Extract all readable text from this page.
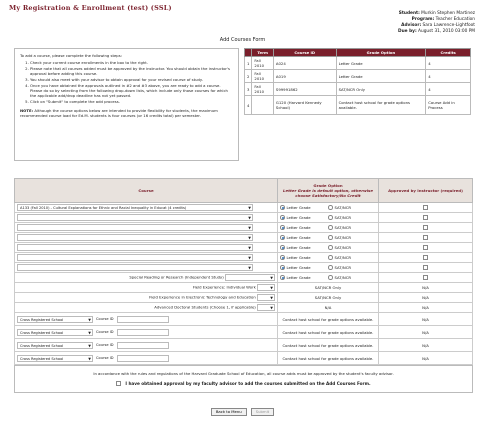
My Registration & Enrollment (test) (SSL)
Student: Murkin Stephen Martinez
Program: Teacher Education
Advisor: Sara Lawrence-Lightfoot
Due by: August 31, 2010 03:00 PM
Add Courses Form
To add a course, please complete the following steps:
1. Check your current course enrollments in the box to the right.
2. Please note that all courses added must be approved by the instructor. You should obtain the instructor's approval before adding this course.
3. You should also meet with your advisor to obtain approval for your revised course of study.
4. Once you have obtained the approvals outlined in #2 and #3 above, you are ready to add a course. Please do so by selecting from the following drop-down lists, which include only those courses for which the applicable add/drop deadline has not yet passed.
5. Click on "Submit" to complete the add process.
NOTE: Although the course options below are intended to provide flexibility for students, the maximum recommended course load for Ed.M. students is four courses (or 16 credits total) per semester.
	Term	Course ID	Grade Option	Credits
1	Fall 2010	A024	Letter Grade	4
2	Fall 2010	A019	Letter Grade	4
3	Fall 2010	S99991862	SAT/NCR Only	4
4		G120 (Harvard Kennedy School)	Contact host school for grade options available.	Course Add in Process
Course	Grade Option
Letter Grade is default option, otherwise choose Satisfactory/No Credit	Approved by Instructor (required)
A133 (Fall 2010) - Cultural Explanations for Ethnic and Racial Inequality in Educat (4 credits) ▼	Letter Grade SAT/NCR	

▼	Letter Grade SAT/NCR	

▼	Letter Grade SAT/NCR	

▼	Letter Grade SAT/NCR	

▼	Letter Grade SAT/NCR	

▼	Letter Grade SAT/NCR	

▼	Letter Grade SAT/NCR	

Special Reading or Research (Independent Study) ▼	Letter Grade SAT/NCR	

Field Experience: Individual Work ▼	SAT/NCR Only	N/A
Field Experience in Electronic Technology and Education ▼	SAT/NCR Only	N/A
Advanced Doctoral Students (Choose 1, if applicable) ▼	N/A	N/A

Cross Registered School ▼ Course ID	Contact host school for grade options available.	N/A

Cross Registered School ▼ Course ID	Contact host school for grade options available.	N/A

Cross Registered School ▼ Course ID	Contact host school for grade options available.	N/A

Cross Registered School ▼ Course ID	Contact host school for grade options available.	N/A
In accordance with the rules and regulations of the Harvard Graduate School of Education, all course adds must be approved by the student's faculty advisor.
I have obtained approval by my faculty advisor to add the courses submitted on the Add Courses Form.
Back to Menu	Submit
